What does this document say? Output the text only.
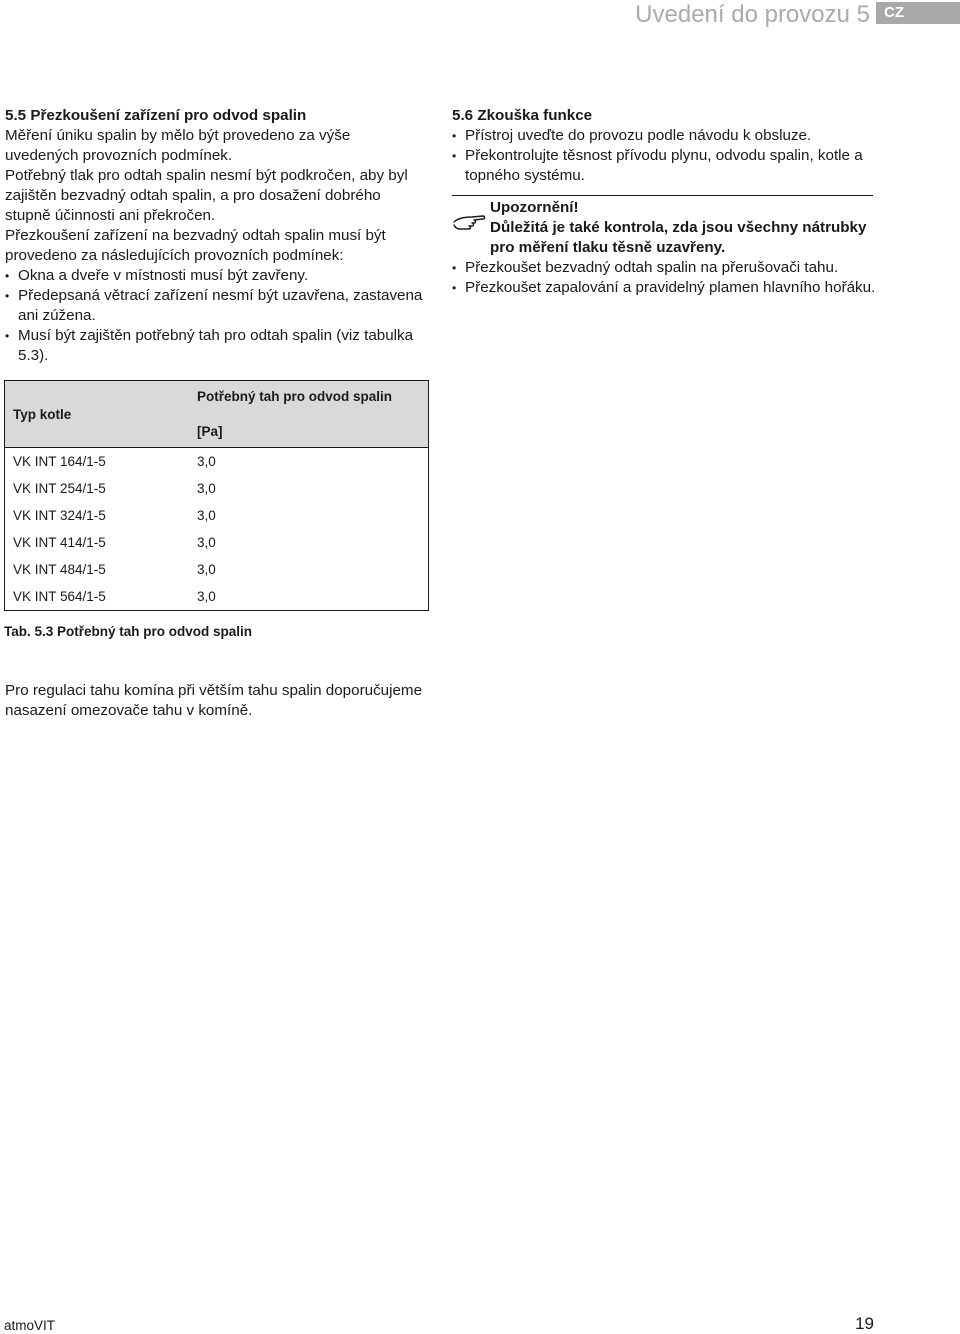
Uvedení do provozu 5 CZ
5.5 Přezkoušení zařízení pro odvod spalin
Měření úniku spalin by mělo být provedeno za výše uvedených provozních podmínek.
Potřebný tlak pro odtah spalin nesmí být podkročen, aby byl zajištěn bezvadný odtah spalin, a pro dosažení dobrého stupně účinnosti ani překročen.
Přezkoušení zařízení na bezvadný odtah spalin musí být provedeno za následujících provozních podmínek:
• Okna a dveře v místnosti musí být zavřeny.
• Předepsaná větrací zařízení nesmí být uzavřena, zastavena ani zúžena.
• Musí být zajištěn potřebný tah pro odtah spalin (viz tabulka 5.3).
5.6 Zkouška funkce
• Přístroj uveďte do provozu podle návodu k obsluze.
• Překontrolujte těsnost přívodu plynu, odvodu spalin, kotle a topného systému.
Upozornění!
Důležitá je také kontrola, zda jsou všechny nátrubky pro měření tlaku těsně uzavřeny.
• Přezkoušet bezvadný odtah spalin na přerušovači tahu.
• Přezkoušet zapalování a pravidelný plamen hlavního hořáku.
Typ kotle	Potřebný tah pro odvod spalin
[Pa]

VK INT 164/1-5	3,0
VK INT 254/1-5	3,0
VK INT 324/1-5	3,0
VK INT 414/1-5	3,0
VK INT 484/1-5	3,0
VK INT 564/1-5	3,0
Tab. 5.3 Potřebný tah pro odvod spalin
Pro regulaci tahu komína při větším tahu spalin doporučujeme nasazení omezovače tahu v komíně.
atmoVIT	19
